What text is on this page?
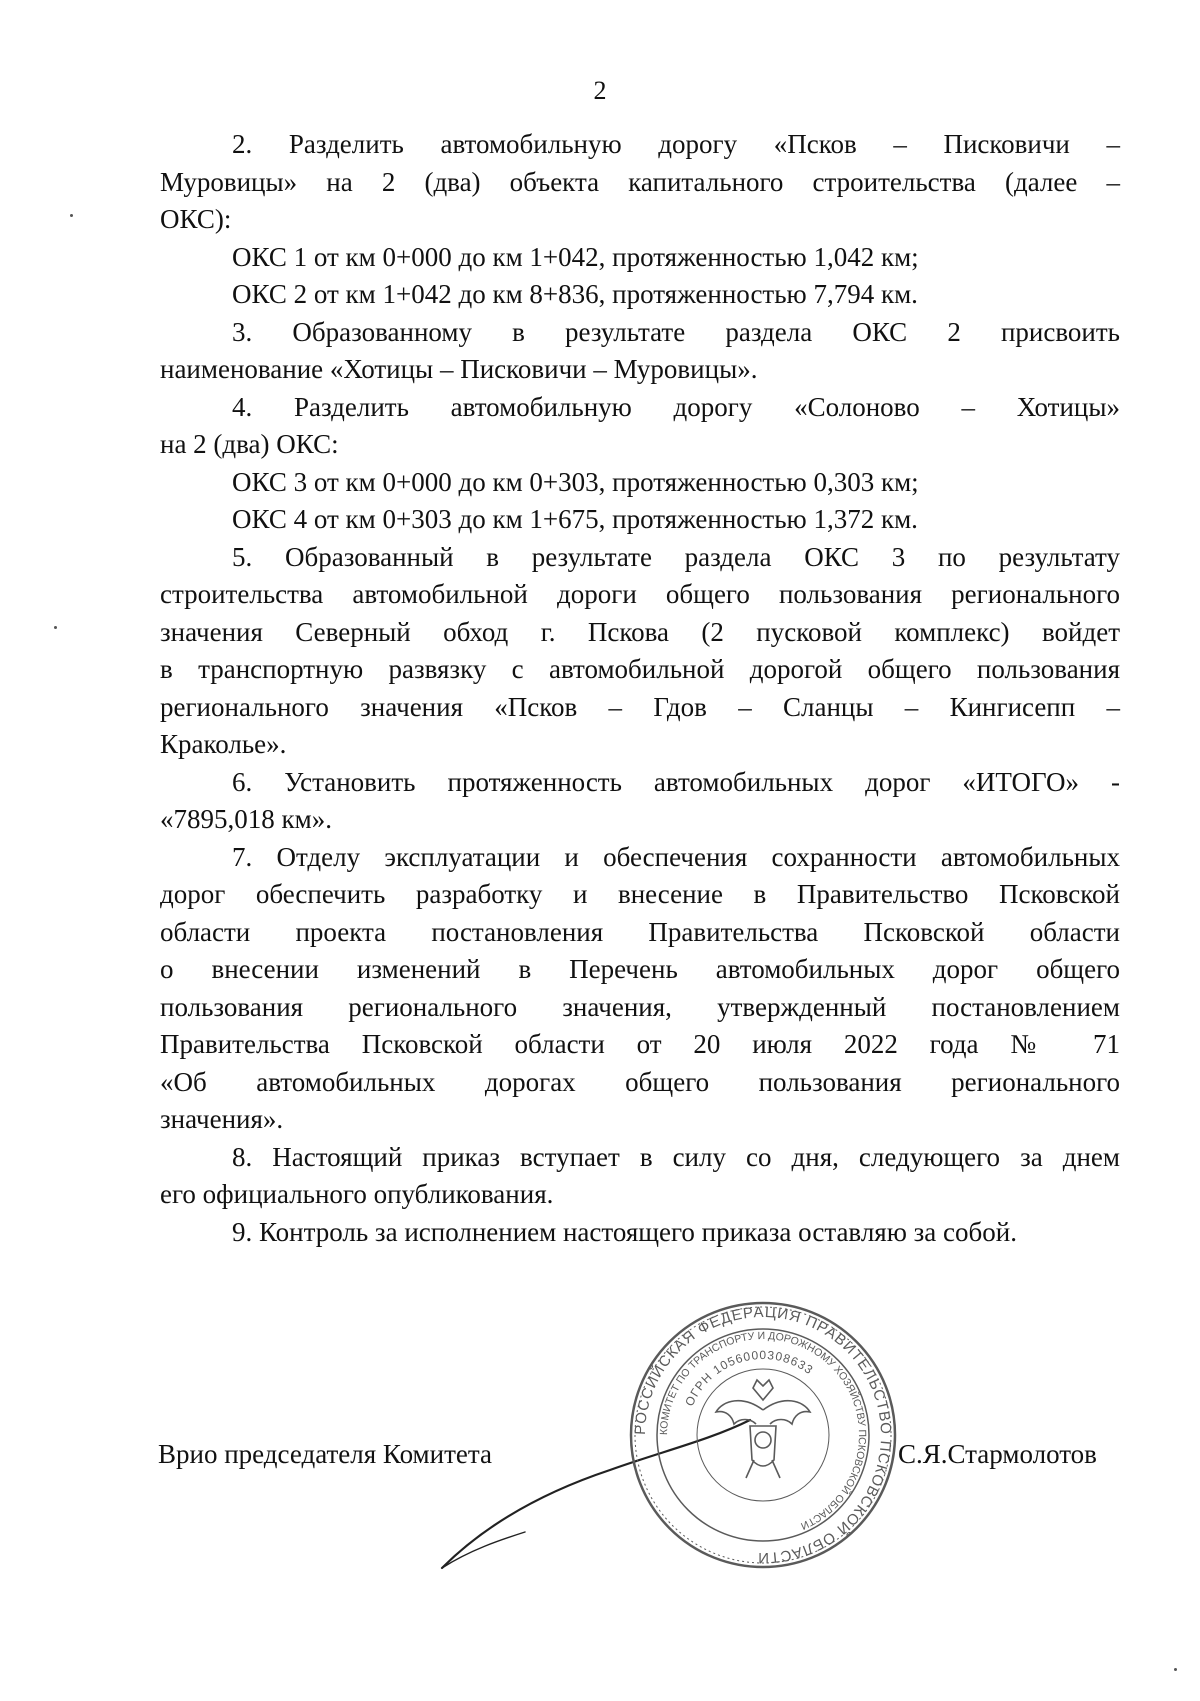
2
2. Разделить автомобильную дорогу «Псков – Писковичи –
Муровицы» на 2 (два) объекта капитального строительства (далее –
ОКС):
ОКС 1 от км 0+000 до км 1+042, протяженностью 1,042 км;
ОКС 2 от км 1+042 до км 8+836, протяженностью 7,794 км.
3. Образованному в результате раздела ОКС 2 присвоить
наименование «Хотицы – Писковичи – Муровицы».
4. Разделить автомобильную дорогу «Солоново – Хотицы»
на 2 (два) ОКС:
ОКС 3 от км 0+000 до км 0+303, протяженностью 0,303 км;
ОКС 4 от км 0+303 до км 1+675, протяженностью 1,372 км.
5. Образованный в результате раздела ОКС 3 по результату
строительства автомобильной дороги общего пользования регионального
значения Северный обход г. Пскова (2 пусковой комплекс) войдет
в транспортную развязку с автомобильной дорогой общего пользования
регионального значения «Псков – Гдов – Сланцы – Кингисепп –
Краколье».
6. Установить протяженность автомобильных дорог «ИТОГО» -
«7895,018 км».
7. Отделу эксплуатации и обеспечения сохранности автомобильных
дорог обеспечить разработку и внесение в Правительство Псковской
области проекта постановления Правительства Псковской области
о внесении изменений в Перечень автомобильных дорог общего
пользования регионального значения, утвержденный постановлением
Правительства Псковской области от 20 июля 2022 года № 71
«Об автомобильных дорогах общего пользования регионального
значения».
8. Настоящий приказ вступает в силу со дня, следующего за днем
его официального опубликования.
9. Контроль за исполнением настоящего приказа оставляю за собой.
Врио председателя Комитета
РОССИЙСКАЯ ФЕДЕРАЦИЯ ПРАВИТЕЛЬСТВО ПСКОВСКОЙ ОБЛАСТИ
КОМИТЕТ ПО ТРАНСПОРТУ И ДОРОЖНОМУ ХОЗЯЙСТВУ ПСКОВСКОЙ ОБЛАСТИ
ОГРН 1056000308633
С.Я.Стармолотов
